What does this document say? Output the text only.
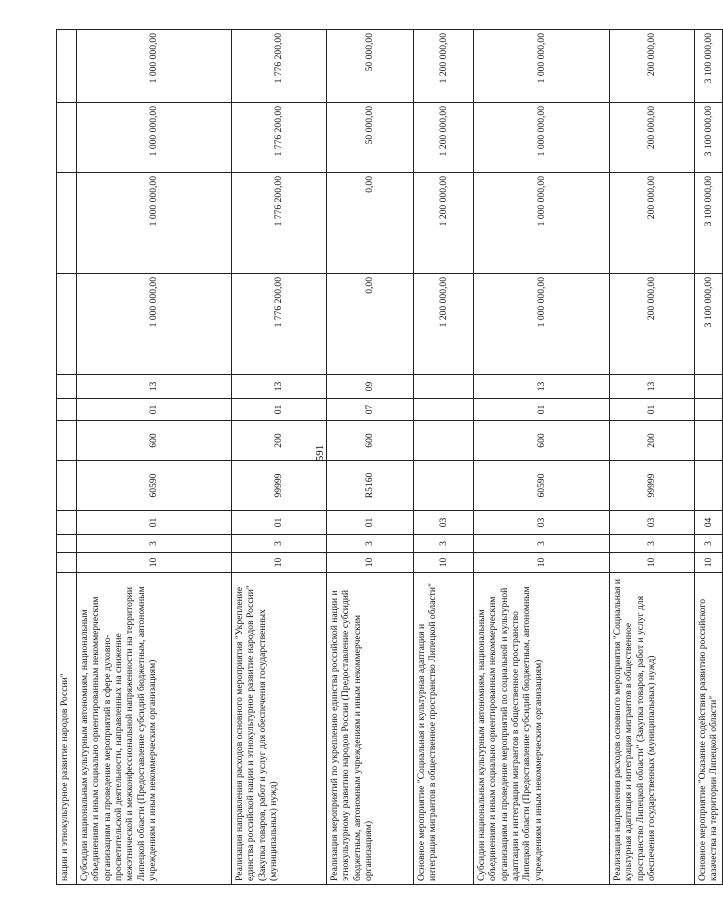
591
нации и этнокультурное развитие народов России"											
Субсидии национальным культурным автономиям, национальным объединениям и иным социально ориентированным некоммерческим организациям на проведение мероприятий в сфере духовно-просветительской деятельности, направленных на снижение межэтнической и межконфессиональной напряженности на территории Липецкой области (Предоставление субсидий бюджетным, автономным учреждениям и иным некоммерческим организациям)	10	3	01	60590	600	01	13	1 000 000,00	1 000 000,00	1 000 000,00	1 000 000,00
Реализация направления расходов основного мероприятия "Укрепление единства российской нации и этнокультурное развитие народов России" (Закупка товаров, работ и услуг для обеспечения государственных (муниципальных) нужд)	10	3	01	99999	200	01	13	1 776 200,00	1 776 200,00	1 776 200,00	1 776 200,00
Реализация мероприятий по укреплению единства российской нации и этнокультурному развитию народов России (Предоставление субсидий бюджетным, автономным учреждениям и иным некоммерческим организациям)	10	3	01	R5160	600	07	09	0,00	0,00	50 000,00	50 000,00
Основное мероприятие "Социальная и культурная адаптация и интеграция мигрантов в общественное пространство Липецкой области"	10	3	03					1 200 000,00	1 200 000,00	1 200 000,00	1 200 000,00
Субсидии национальным культурным автономиям, национальным объединениям и иным социально ориентированным некоммерческим организациям на проведение мероприятий по социальной и культурной адаптации и интеграции мигрантов в общественное пространство Липецкой области (Предоставление субсидий бюджетным, автономным учреждениям и иным некоммерческим организациям)	10	3	03	60590	600	01	13	1 000 000,00	1 000 000,00	1 000 000,00	1 000 000,00
Реализация направления расходов основного мероприятия "Социальная и культурная адаптация и интеграция мигрантов в общественное пространство Липецкой области" (Закупка товаров, работ и услуг для обеспечения государственных (муниципальных) нужд)	10	3	03	99999	200	01	13	200 000,00	200 000,00	200 000,00	200 000,00
Основное мероприятие "Оказание содействия развитию российского казачества на территории Липецкой области"	10	3	04					3 100 000,00	3 100 000,00	3 100 000,00	3 100 000,00
